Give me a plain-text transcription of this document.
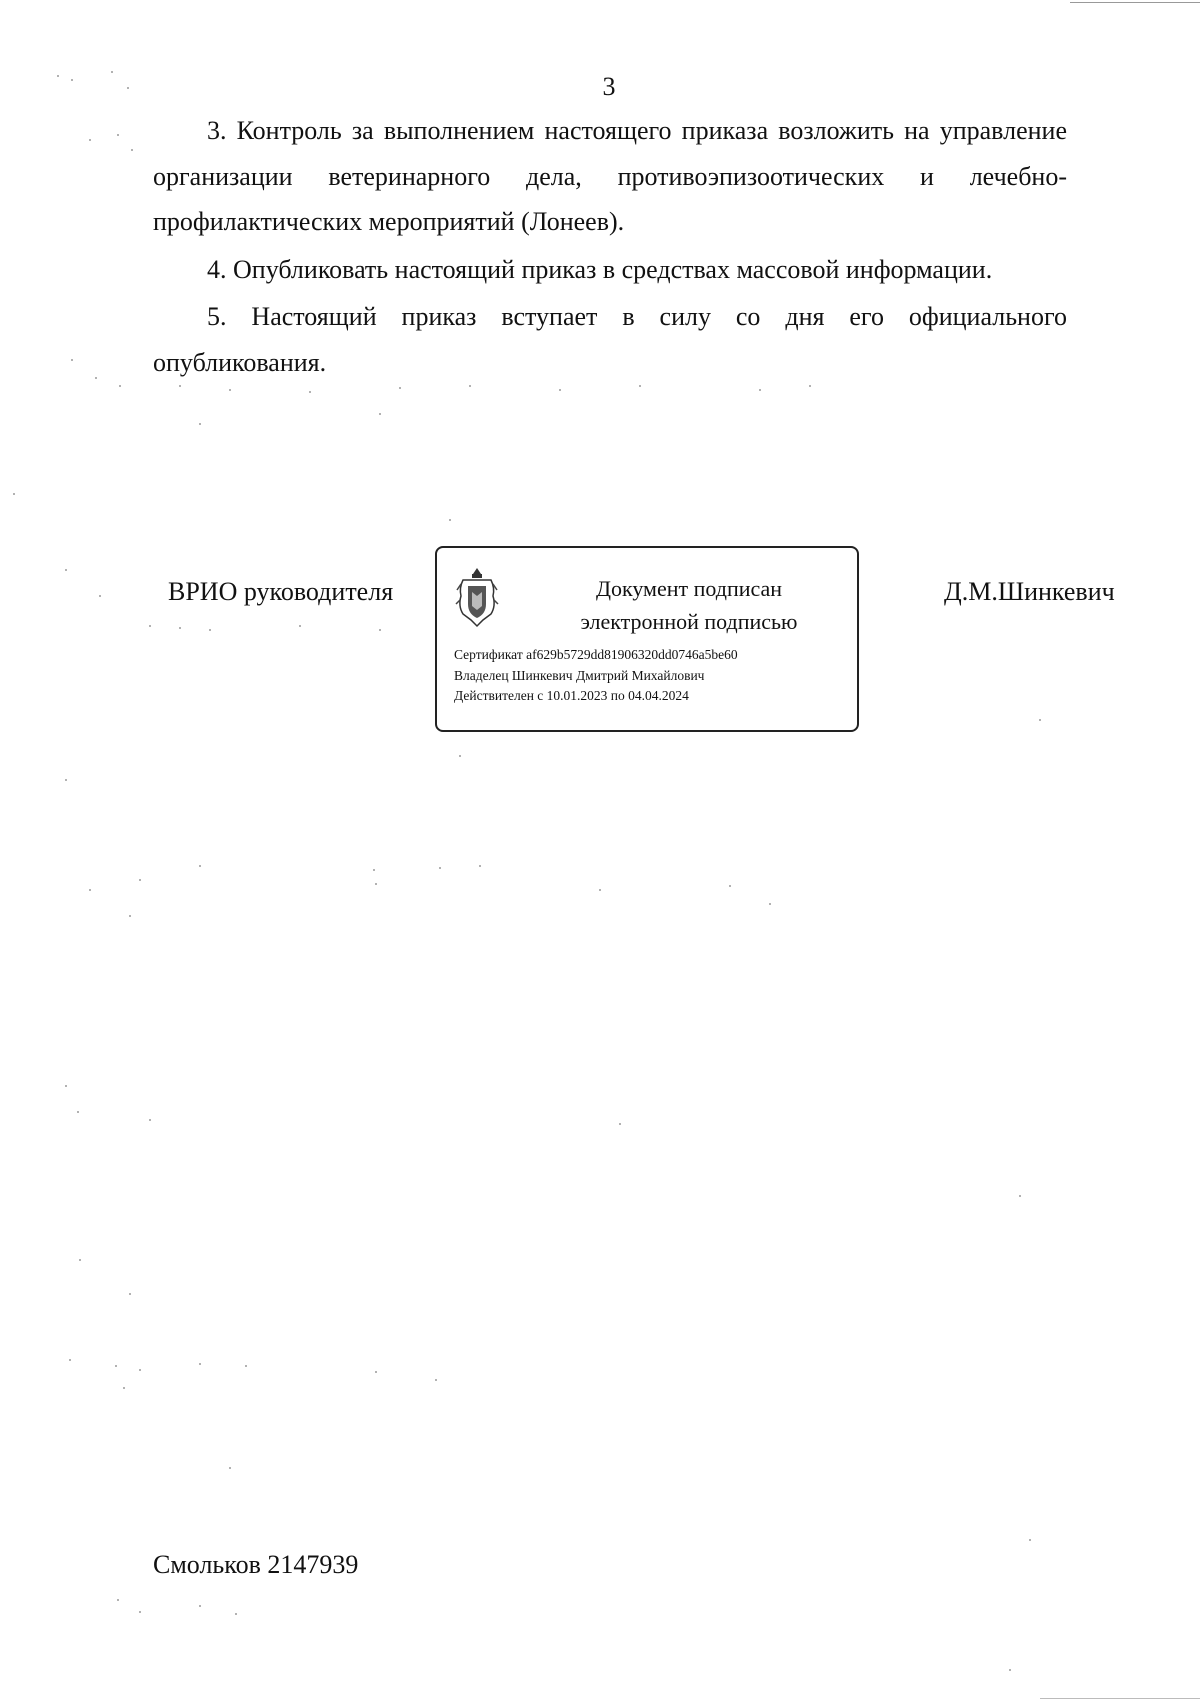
3

3. Контроль за выполнением настоящего приказа возложить на управление организации ветеринарного дела, противоэпизоотических и лечебно-профилактических мероприятий (Лонеев).

4. Опубликовать настоящий приказ в средствах массовой информации.

5. Настоящий приказ вступает в силу со дня его официального опубликования.

ВРИО руководителя	Документ подписан
электронной подписью
Сертификат af629b5729dd81906320dd0746a5be60
Владелец Шинкевич Дмитрий Михайлович
Действителен с 10.01.2023 по 04.04.2024
Д.М.Шинкевич
Смольков 2147939
